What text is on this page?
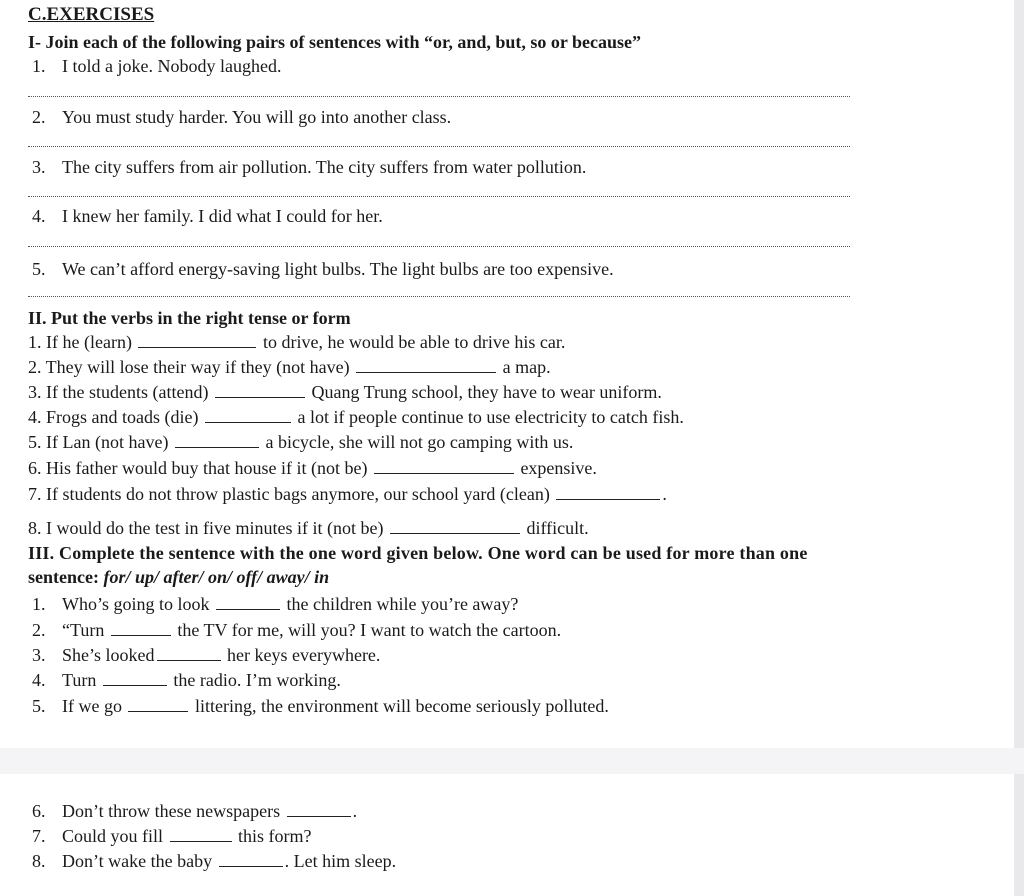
C.EXERCISES
I- Join each of the following pairs of sentences with “or, and, but, so or because”
1. I told a joke. Nobody laughed.
2. You must study harder. You will go into another class.
3. The city suffers from air pollution. The city suffers from water pollution.
4. I knew her family. I did what I could for her.
5. We can’t afford energy-saving light bulbs. The light bulbs are too expensive.
II. Put the verbs in the right tense or form
1. If he (learn)	to drive, he would be able to drive his car.
2. They will lose their way if they (not have)	a map.
3. If the students (attend)	Quang Trung school, they have to wear uniform.
4. Frogs and toads (die)	a lot if people continue to use electricity to catch fish.
5. If Lan (not have)	a bicycle, she will not go camping with us.
6. His father would buy that house if it (not be)	expensive.
7. If students do not throw plastic bags anymore, our school yard (clean)	.
8. I would do the test in five minutes if it (not be)	difficult.
III. Complete the sentence with the one word given below. One word can be used for more than one
sentence: for/ up/ after/ on/ off/ away/ in
1. Who’s going to look	the children while you’re away?
2. “Turn	the TV for me, will you? I want to watch the cartoon.
3. She’s looked	her keys everywhere.
4. Turn	the radio. I’m working.
5. If we go	littering, the environment will become seriously polluted.
6. Don’t throw these newspapers	.
7. Could you fill	this form?
8. Don’t wake the baby	. Let him sleep.
